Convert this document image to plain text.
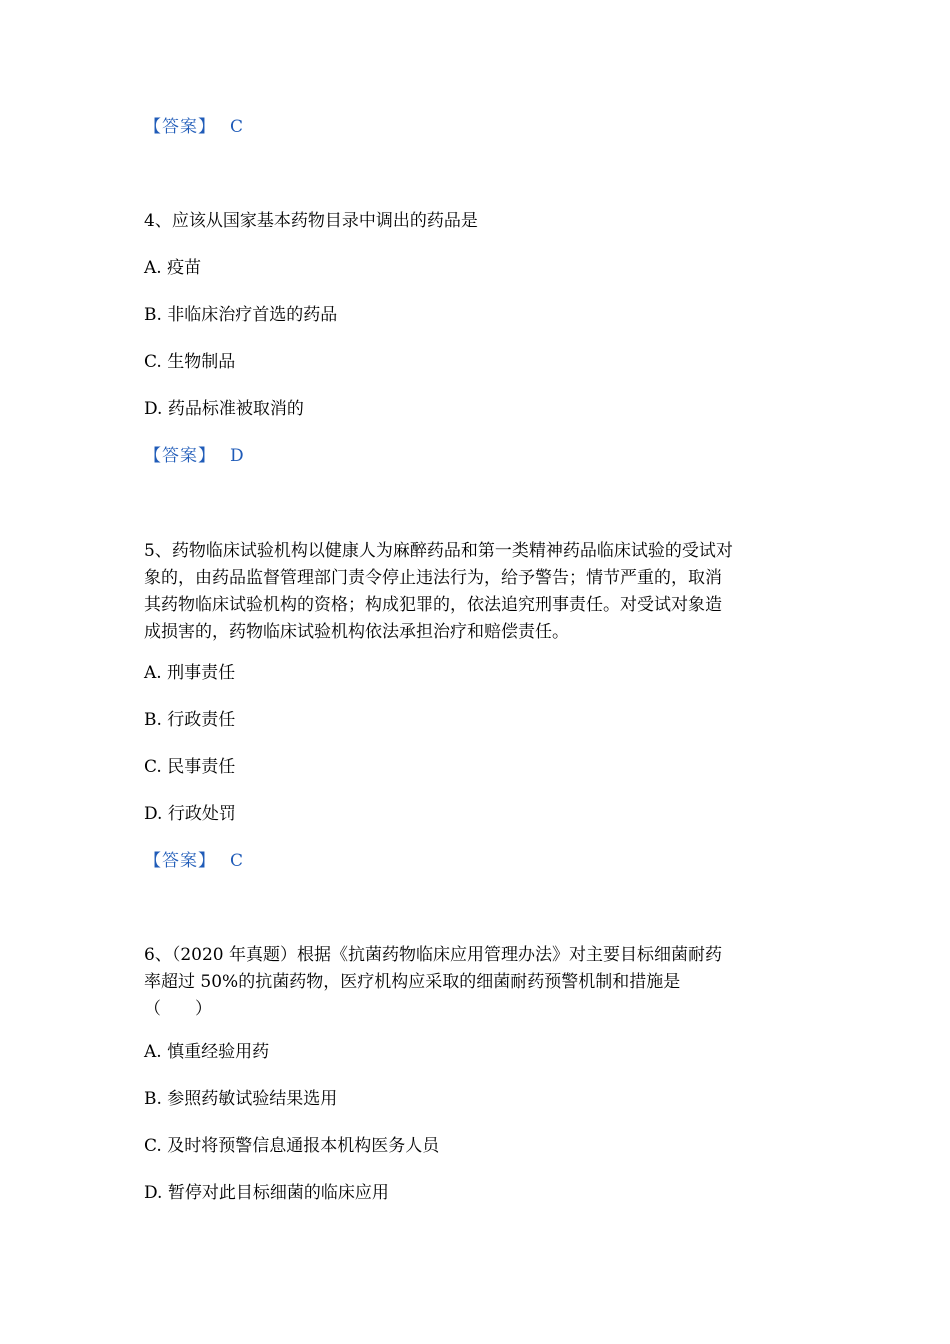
【答案】 C

4、应该从国家基本药物目录中调出的药品是

A. 疫苗

B. 非临床治疗首选的药品

C. 生物制品

D. 药品标准被取消的

【答案】 D

5、药物临床试验机构以健康人为麻醉药品和第一类精神药品临床试验的受试对
象的，由药品监督管理部门责令停止违法行为，给予警告；情节严重的，取消
其药物临床试验机构的资格；构成犯罪的，依法追究刑事责任。对受试对象造
成损害的，药物临床试验机构依法承担治疗和赔偿责任。

A. 刑事责任

B. 行政责任

C. 民事责任

D. 行政处罚

【答案】 C

6、（2020 年真题）根据《抗菌药物临床应用管理办法》对主要目标细菌耐药
率超过 50%的抗菌药物，医疗机构应采取的细菌耐药预警机制和措施是
（　　）

A. 慎重经验用药

B. 参照药敏试验结果选用

C. 及时将预警信息通报本机构医务人员

D. 暂停对此目标细菌的临床应用
